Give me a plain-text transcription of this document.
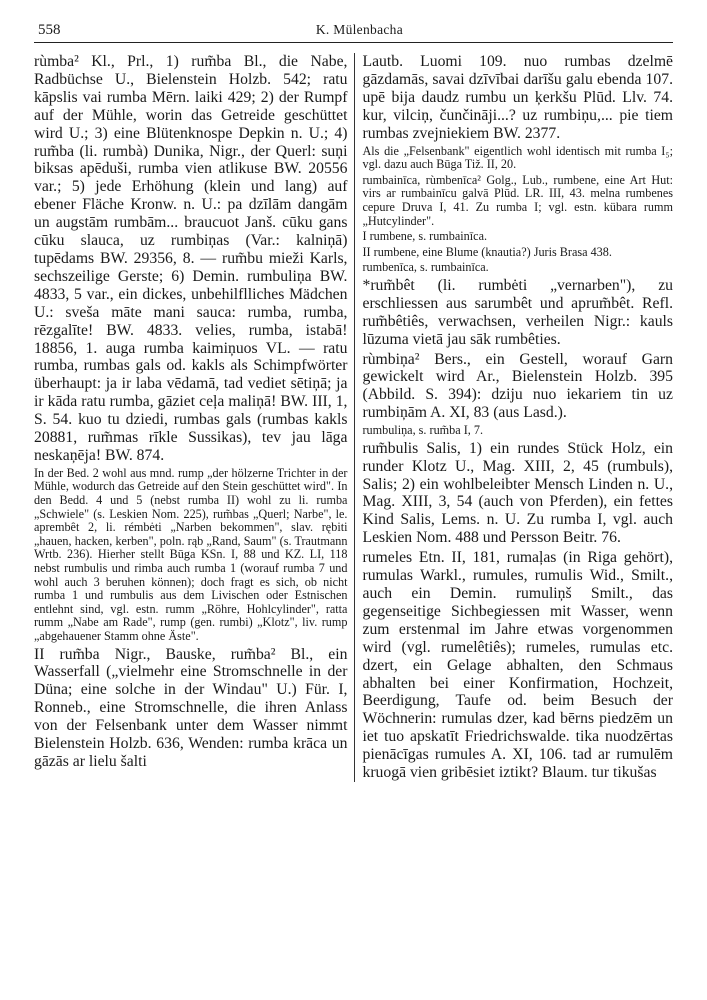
558	K. Mülenbacha

rùmba² Kl., Prl., 1) rum̃ba Bl., die Nabe, Radbüchse U., Bielenstein Holzb. 542; ratu kāpslis vai rumba Mērn. laiki 429; 2) der Rumpf auf der Mühle, worin das Getreide geschüttet wird U.; 3) eine Blütenknospe Depkin n. U.; 4) rum̃ba (li. rumbà) Dunika, Nigr., der Querl: suņi biksas apēduši, rumba vien atlikuse BW. 20556 var.; 5) jede Erhöhung (klein und lang) auf ebener Fläche Kronw. n. U.: pa dzīlām dangām un augstām rumbām... braucuot Janš. cūku gans cūku slauca, uz rumbiņas (Var.: kalniņā) tupēdams BW. 29356, 8. — rum̃bu mieži Karls, sechszeilige Gerste; 6) Demin. rumbuliņa BW. 4833, 5 var., ein dickes, unbehilflliches Mädchen U.: sveša māte mani sauca: rumba, rumba, rēzgalīte! BW. 4833. velies, rumba, istabā! 18856, 1. auga rumba kaimiņuos VL. — ratu rumba, rumbas gals od. kakls als Schimpfwörter überhaupt: ja ir laba vēdamā, tad vediet sētiņā; ja ir kāda ratu rumba, gāziet ceļa maliņā! BW. III, 1, S. 54. kuo tu dziedi, rumbas gals (rumbas kakls 20881, rum̃mas rīkle Sussikas), tev jau lāga neskaņēja! BW. 874.

In der Bed. 2 wohl aus mnd. rump „der hölzerne Trichter in der Mühle, wodurch das Getreide auf den Stein geschüttet wird". In den Bedd. 4 und 5 (nebst rumba II) wohl zu li. rumba „Schwiele" (s. Leskien Nom. 225), rum̃bas „Querl; Narbe", le. aprembêt 2, li. rémbėti „Narben bekommen", slav. rębiti „hauen, hacken, kerben", poln. rąb „Rand, Saum" (s. Trautmann Wrtb. 236). Hierher stellt Būga KSn. I, 88 und KZ. LI, 118 nebst rumbulis und rimba auch rumba 1 (worauf rumba 7 und wohl auch 3 beruhen können); doch fragt es sich, ob nicht rumba 1 und rumbulis aus dem Livischen oder Estnischen entlehnt sind, vgl. estn. rumm „Röhre, Hohlcylinder", ratta rumm „Nabe am Rade", rump (gen. rumbi) „Klotz", liv. rump „abgehauener Stamm ohne Äste".

II rum̃ba Nigr., Bauske, rum̃ba² Bl., ein Wasserfall („vielmehr eine Stromschnelle in der Düna; eine solche in der Windau" U.) Für. I, Ronneb., eine Stromschnelle, die ihren Anlass von der Felsenbank unter dem Wasser nimmt Bielenstein Holzb. 636, Wenden: rumba krāca un gāzās ar lielu šalti

Lautb. Luomi 109. nuo rumbas dzelmē gāzdamās, savai dzīvībai darīšu galu ebenda 107. upē bija daudz rumbu un ķerkšu Plūd. Llv. 74. kur, vilciņ, čunčināji...? uz rumbiņu,... pie tiem rumbas zvejniekiem BW. 2377.

Als die „Felsenbank" eigentlich wohl identisch mit rumba I₅; vgl. dazu auch Būga Tiž. II, 20.

rumbainīca, rùmbenīca² Golg., Lub., rumbene, eine Art Hut: virs ar rumbainīcu galvā Plūd. LR. III, 43. melna rumbenes cepure Druva I, 41. Zu rumba I; vgl. estn. kübara rumm „Hutcylinder".

I rumbene, s. rumbainīca.

II rumbene, eine Blume (knautia?) Juris Brasa 438.

rumbenīca, s. rumbainīca.

*rum̃bêt (li. rumbėti „vernarben"), zu erschliessen aus sarumbêt und aprum̃bêt. Refl. rum̃bêtiês, verwachsen, verheilen Nigr.: kauls lūzuma vietā jau sāk rumbêties.

rùmbiņa² Bers., ein Gestell, worauf Garn gewickelt wird Ar., Bielenstein Holzb. 395 (Abbild. S. 394): dziju nuo iekariem tin uz rumbiņām A. XI, 83 (aus Lasd.).

rumbuliņa, s. rum̃ba I, 7.

rum̃bulis Salis, 1) ein rundes Stück Holz, ein runder Klotz U., Mag. XIII, 2, 45 (rumbuls), Salis; 2) ein wohlbeleibter Mensch Linden n. U., Mag. XIII, 3, 54 (auch von Pferden), ein fettes Kind Salis, Lems. n. U. Zu rumba I, vgl. auch Leskien Nom. 488 und Persson Beitr. 76.

rumeles Etn. II, 181, rumaļas (in Riga gehört), rumulas Warkl., rumules, rumulis Wid., Smilt., auch ein Demin. rumuliņš Smilt., das gegenseitige Sichbegiessen mit Wasser, wenn zum erstenmal im Jahre etwas vorgenommen wird (vgl. rumelêtiês); rumeles, rumulas etc. dzert, ein Gelage abhalten, den Schmaus abhalten bei einer Konfirmation, Hochzeit, Beerdigung, Taufe od. beim Besuch der Wöchnerin: rumulas dzer, kad bērns piedzēm un iet tuo apskatīt Friedrichswalde. tika nuodzērtas pienācīgas rumules A. XI, 106. tad ar rumulēm kruogā vien gribēsiet iztikt? Blaum. tur tikušas
